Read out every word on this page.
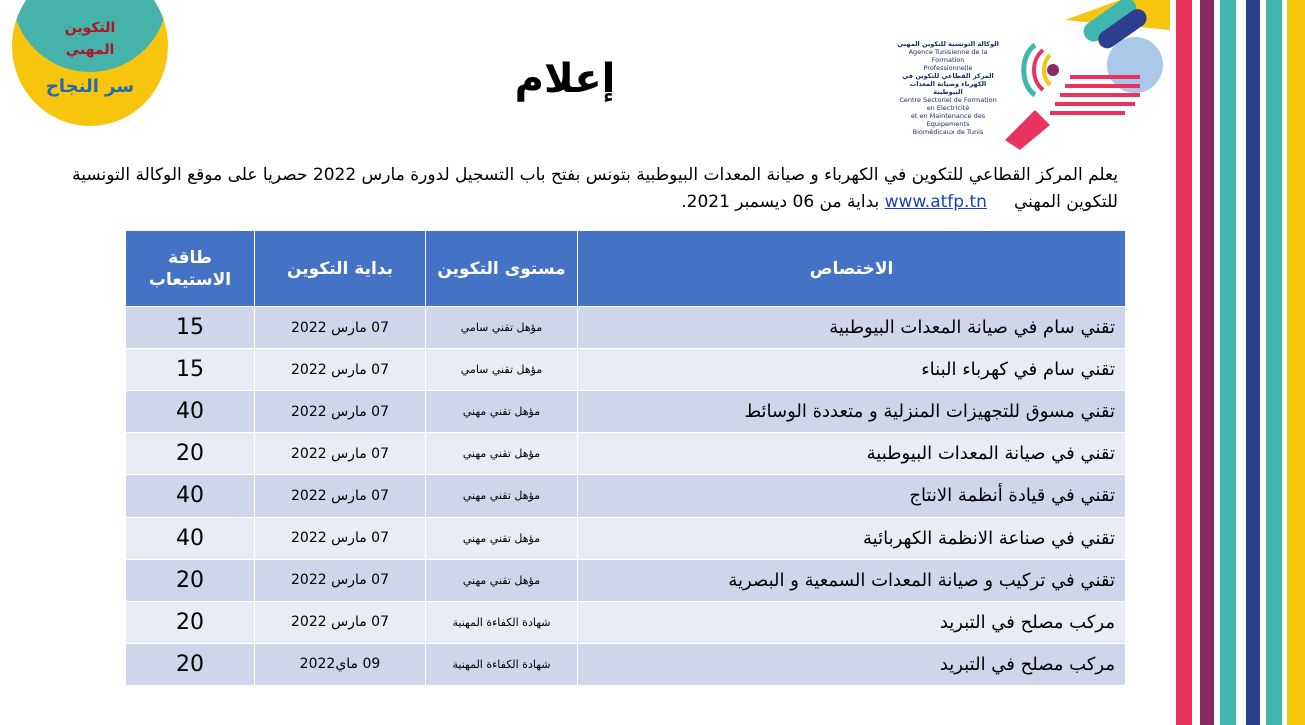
التكوين
المهني
سر النجاح	إعلام
الوكالة التونسية للتكوين المهني
Agence Tunisienne de la Formation
Professionnelle
المركز القطاعي للتكوين في الكهرباء وصيانة المعدات البيوطبية
Centre Sectoriel de Formation en Electricité
et en Maintenance des Equipements
Biomédicaux de Tunis
يعلم المركز القطاعي للتكوين في الكهرباء و صيانة المعدات البيوطبية بتونس بفتح باب التسجيل لدورة مارس 2022 حصريا على موقع الوكالة التونسية
للتكوين المهني     www.atfp.tn بداية من 06 ديسمبر 2021.
الاختصاص	مستوى التكوين	بداية التكوين	طاقة الاستيعاب
تقني سام في صيانة المعدات البيوطبية	مؤهل تقني سامي	07 مارس 2022	15
تقني سام في كهرباء البناء	مؤهل تقني سامي	07 مارس 2022	15
تقني مسوق للتجهيزات المنزلية و متعددة الوسائط	مؤهل تقني مهني	07 مارس 2022	40
تقني في صيانة المعدات البيوطبية	مؤهل تقني مهني	07 مارس 2022	20
تقني في قيادة أنظمة الانتاج	مؤهل تقني مهني	07 مارس 2022	40
تقني في صناعة الانظمة الكهربائية	مؤهل تقني مهني	07 مارس 2022	40
تقني في تركيب و صيانة المعدات السمعية و البصرية	مؤهل تقني مهني	07 مارس 2022	20
مركب مصلح في التبريد	شهادة الكفاءة المهنية	07 مارس 2022	20
مركب مصلح في التبريد	شهادة الكفاءة المهنية	09 ماي2022	20
